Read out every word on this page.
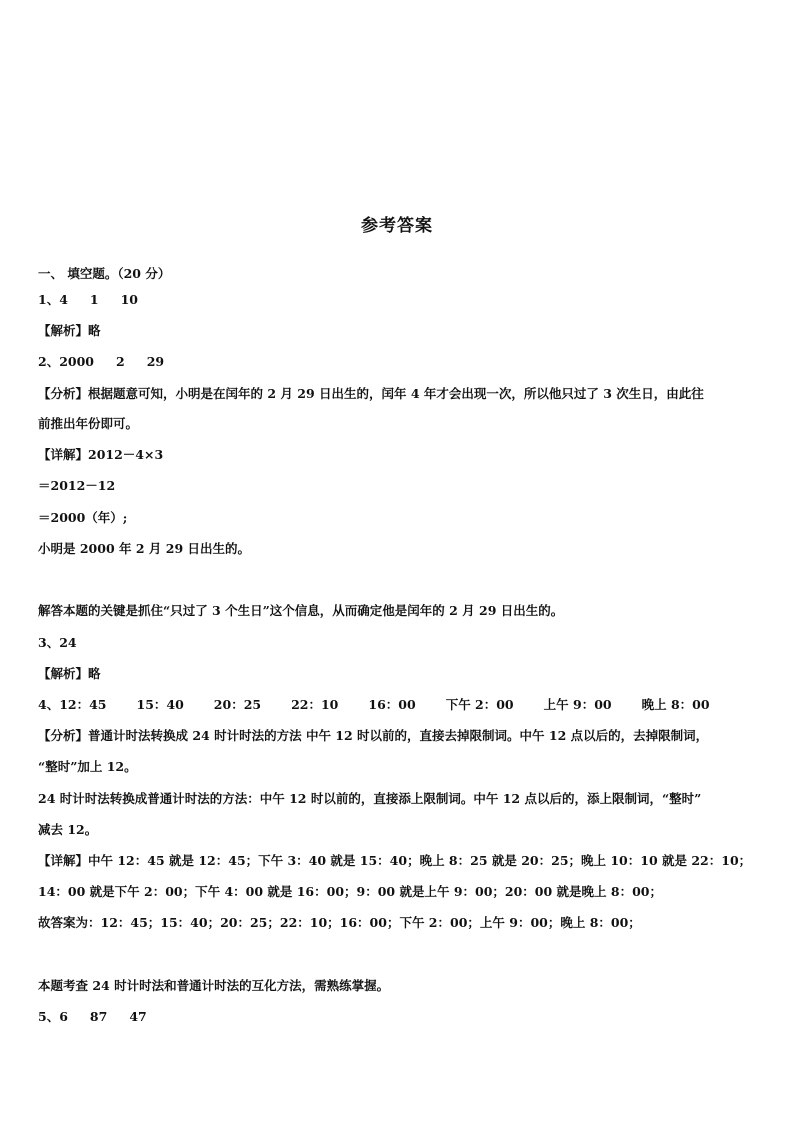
参考答案
一、 填空题。（20 分）
1、4 1 10
【解析】略
2、2000 2 29
【分析】根据题意可知，小明是在闰年的 2 月 29 日出生的，闰年 4 年才会出现一次，所以他只过了 3 次生日，由此往
前推出年份即可。
【详解】2012－4×3
＝2012－12
＝2000（年）;
小明是 2000 年 2 月 29 日出生的。
解答本题的关键是抓住“只过了 3 个生日”这个信息，从而确定他是闰年的 2 月 29 日出生的。
3、24
【解析】略
4、12：45 15：40 20：25 22：10 16：00 下午 2：00 上午 9：00 晚上 8：00
【分析】普通计时法转换成 24 时计时法的方法 中午 12 时以前的，直接去掉限制词。中午 12 点以后的，去掉限制词，
“整时”加上 12。
24 时计时法转换成普通计时法的方法：中午 12 时以前的，直接添上限制词。中午 12 点以后的，添上限制词，“整时”
减去 12。
【详解】中午 12：45 就是 12：45；下午 3：40 就是 15：40；晚上 8：25 就是 20：25；晚上 10：10 就是 22：10；
14：00 就是下午 2：00；下午 4：00 就是 16：00；9：00 就是上午 9：00；20：00 就是晚上 8：00；
故答案为：12：45；15：40；20：25；22：10；16：00；下午 2：00；上午 9：00；晚上 8：00；
本题考查 24 时计时法和普通计时法的互化方法，需熟练掌握。
5、6 87 47
